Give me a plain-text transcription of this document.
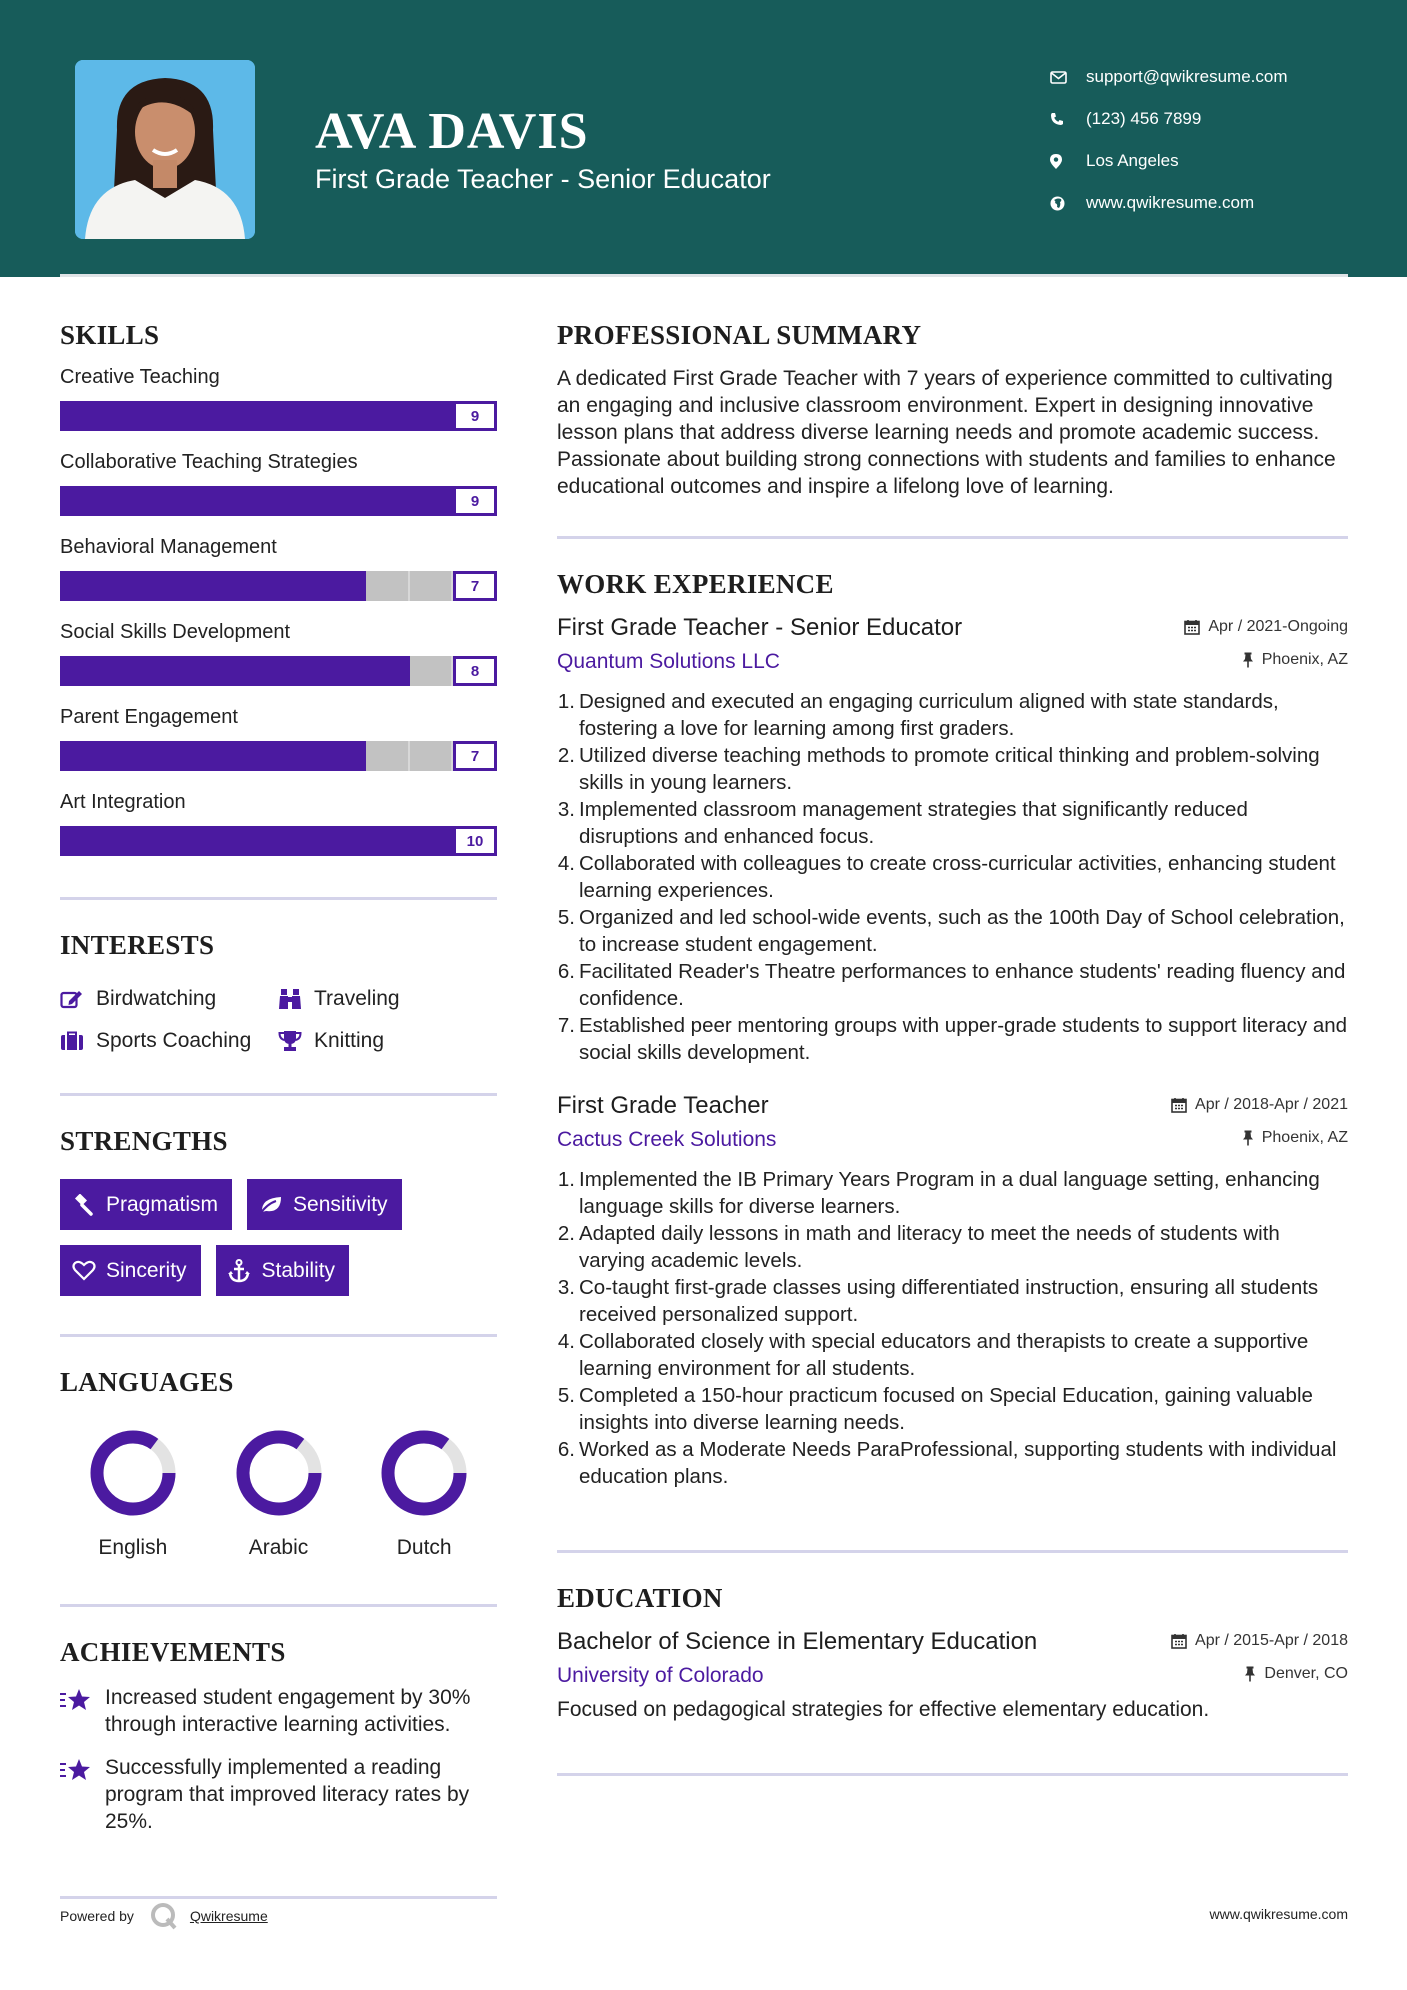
AVA DAVIS
First Grade Teacher - Senior Educator
support@qwikresume.com
(123) 456 7899
Los Angeles
www.qwikresume.com
SKILLS
Creative Teaching
9
Collaborative Teaching Strategies
9
Behavioral Management
7
Social Skills Development
8
Parent Engagement
7
Art Integration
10
INTERESTS
Birdwatching	Traveling
Sports Coaching	Knitting
STRENGTHS
Pragmatism	Sensitivity
Sincerity	Stability
LANGUAGES
English	Arabic	Dutch
ACHIEVEMENTS
Increased student engagement by 30% through interactive learning activities.
Successfully implemented a reading program that improved literacy rates by 25%.
PROFESSIONAL SUMMARY

A dedicated First Grade Teacher with 7 years of experience committed to cultivating an engaging and inclusive classroom environment. Expert in designing innovative lesson plans that address diverse learning needs and promote academic success. Passionate about building strong connections with students and families to enhance educational outcomes and inspire a lifelong love of learning.

WORK EXPERIENCE
First Grade Teacher - Senior Educator	Apr / 2021-Ongoing
Quantum Solutions LLC	Phoenix, AZ
1. Designed and executed an engaging curriculum aligned with state standards, fostering a love for learning among first graders.
2. Utilized diverse teaching methods to promote critical thinking and problem-solving skills in young learners.
3. Implemented classroom management strategies that significantly reduced disruptions and enhanced focus.
4. Collaborated with colleagues to create cross-curricular activities, enhancing student learning experiences.
5. Organized and led school-wide events, such as the 100th Day of School celebration, to increase student engagement.
6. Facilitated Reader's Theatre performances to enhance students' reading fluency and confidence.
7. Established peer mentoring groups with upper-grade students to support literacy and social skills development.
First Grade Teacher	Apr / 2018-Apr / 2021
Cactus Creek Solutions	Phoenix, AZ
1. Implemented the IB Primary Years Program in a dual language setting, enhancing language skills for diverse learners.
2. Adapted daily lessons in math and literacy to meet the needs of students with varying academic levels.
3. Co-taught first-grade classes using differentiated instruction, ensuring all students received personalized support.
4. Collaborated closely with special educators and therapists to create a supportive learning environment for all students.
5. Completed a 150-hour practicum focused on Special Education, gaining valuable insights into diverse learning needs.
6. Worked as a Moderate Needs ParaProfessional, supporting students with individual education plans.
EDUCATION
Bachelor of Science in Elementary Education	Apr / 2015-Apr / 2018
University of Colorado	Denver, CO

Focused on pedagogical strategies for effective elementary education.

Powered by	Qwikresume	www.qwikresume.com
